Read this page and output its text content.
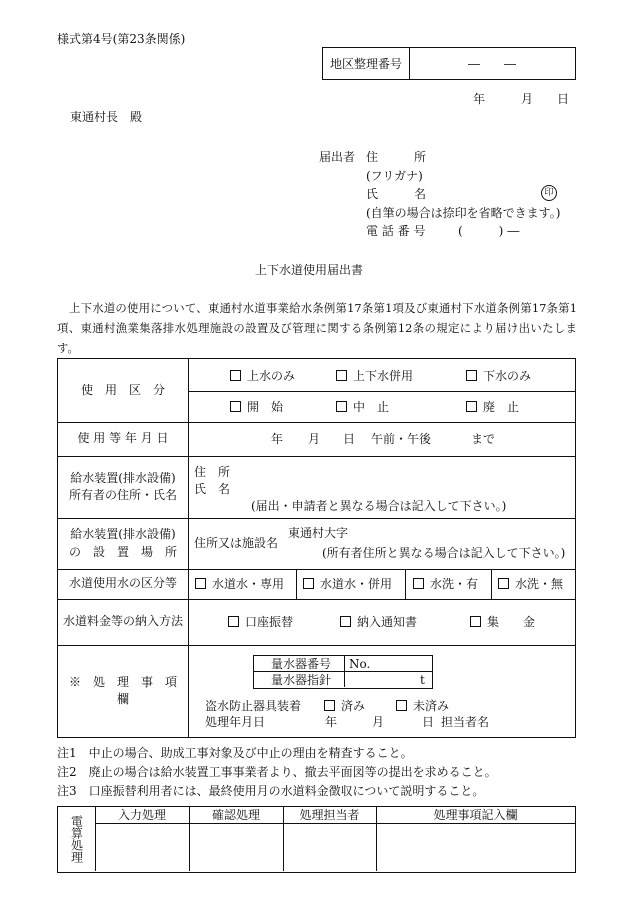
様式第4号(第23条関係)
地区整理番号	―　　―
年	月 日
東通村長　殿
届出者 住　　　所
(フリガナ)
氏　　　名	印
(自筆の場合は捺印を省略できます。)
電 話 番 号	(　　)―
上下水道使用届出書
上下水道の使用について、東通村水道事業給水条例第17条第1項及び東通村下水道条例第17条第1項、東通村漁業集落排水処理施設の設置及び管理に関する条例第12条の規定により届け出いたします。
使　用　区　分
上水のみ	上下水併用	下水のみ
開　始	中　止	廃　止
使 用 等 年 月 日	年 月 日 午前・午後	まで
給水装置(排水設備)
所有者の住所・氏名
住　所
氏　名
(届出・申請者と異なる場合は記入して下さい。)
給水装置(排水設備)
の　設　置　場　所
住所又は施設名
東通村大字
(所有者住所と異なる場合は記入して下さい。)
水道使用水の区分等	水道水・専用	水道水・併用	水洗・有	水洗・無
水道料金等の納入方法	口座振替	納入通知書	集　　金
※　処　理　事　項　欄
量水器番号 No.
量水器指針	t
盗水防止器具装着	済み	未済み
処理年月日	年	月	日 担当者名
注1　中止の場合、助成工事対象及び中止の理由を精査すること。
注2　廃止の場合は給水装置工事事業者より、撤去平面図等の提出を求めること。
注3　口座振替利用者には、最終使用月の水道料金徴収について説明すること。
電算処理	入力処理	確認処理	処理担当者	処理事項記入欄
